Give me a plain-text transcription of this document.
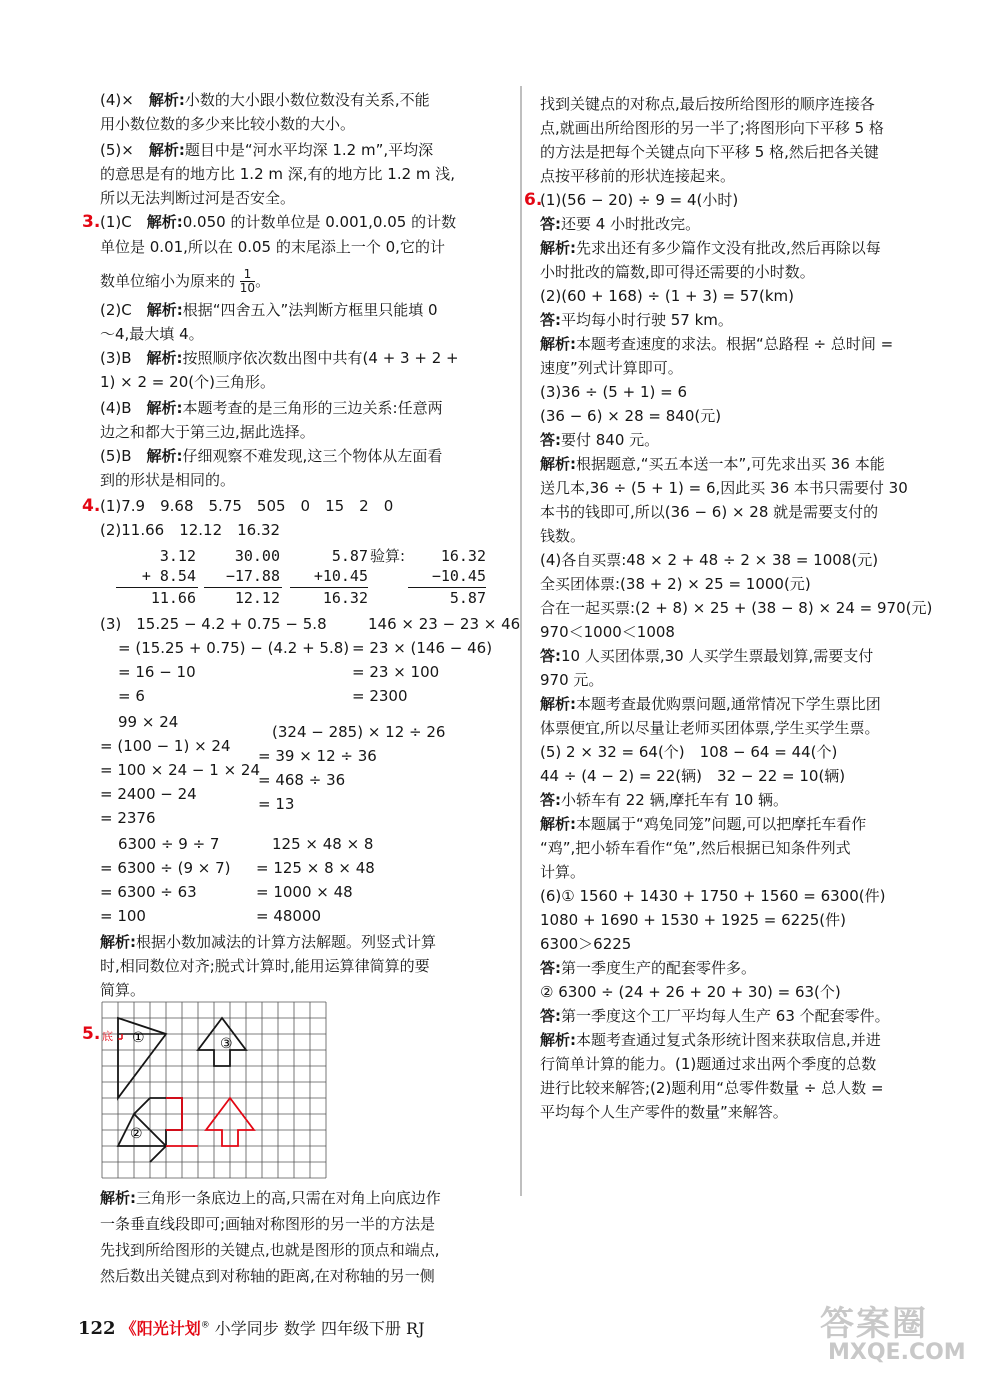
(4)×　解析:小数的大小跟小数位数没有关系,不能
用小数位数的多少来比较小数的大小。
(5)×　解析:题目中是“河水平均深 1.2 m”,平均深
的意思是有的地方比 1.2 m 深,有的地方比 1.2 m 浅,
所以无法判断过河是否安全。
3. (1)C　解析:0.050 的计数单位是 0.001,0.05 的计数
单位是 0.01,所以在 0.05 的末尾添上一个 0,它的计
数单位缩小为原来的 $\frac{1}{10}$ 。
(2)C　解析:根据“四舍五入”法判断方框里只能填 0
～4,最大填 4。
(3)B　解析:按照顺序依次数出图中共有(4 + 3 + 2 +
1) × 2 = 20(个)三角形。
(4)B　解析:本题考查的是三角形的三边关系:任意两
边之和都大于第三边,据此选择。
(5)B　解析:仔细观察不难发现,这三个物体从左面看
到的形状是相同的。
4. (1)7.9　9.68　5.75　505　0　15　2　0
(2)11.66　12.12　16.32
3.12
+ 8.54
11.66
30.00
−17.88
12.12
5.87
+10.45
16.32
验算:	16.32
−10.45
5.87
(3)　15.25 − 4.2 + 0.75 − 5.8
= (15.25 + 0.75) − (4.2 + 5.8)
= 16 − 10
= 6
146 × 23 − 23 × 46
= 23 × (146 − 46)
= 23 × 100
= 2300
99 × 24
= (100 − 1) × 24
= 100 × 24 − 1 × 24
= 2400 − 24
= 2376
(324 − 285) × 12 ÷ 26
= 39 × 12 ÷ 36
= 468 ÷ 36
= 13
6300 ÷ 9 ÷ 7
= 6300 ÷ (9 × 7)
= 6300 ÷ 63
= 100
125 × 48 × 8
= 125 × 8 × 48
= 1000 × 48
= 48000
解析:根据小数加减法的计算方法解题。列竖式计算
时,相同数位对齐;脱式计算时,能用运算律简算的要
简算。
5. 底 ①	③
②
解析:三角形一条底边上的高,只需在对角上向底边作
一条垂直线段即可;画轴对称图形的另一半的方法是
先找到所给图形的关键点,也就是图形的顶点和端点,
然后数出关键点到对称轴的距离,在对称轴的另一侧
找到关键点的对称点,最后按所给图形的顺序连接各
点,就画出所给图形的另一半了;将图形向下平移 5 格
的方法是把每个关键点向下平移 5 格,然后把各关键
点按平移前的形状连接起来。
6.
(1)(56 − 20) ÷ 9 = 4(小时)
答:还要 4 小时批改完。
解析:先求出还有多少篇作文没有批改,然后再除以每
小时批改的篇数,即可得还需要的小时数。
(2)(60 + 168) ÷ (1 + 3) = 57(km)
答:平均每小时行驶 57 km。
解析:本题考查速度的求法。根据“总路程 ÷ 总时间 =
速度”列式计算即可。
(3)36 ÷ (5 + 1) = 6
(36 − 6) × 28 = 840(元)
答:要付 840 元。
解析:根据题意,“买五本送一本”,可先求出买 36 本能
送几本,36 ÷ (5 + 1) = 6,因此买 36 本书只需要付 30
本书的钱即可,所以(36 − 6) × 28 就是需要支付的
钱数。
(4)各自买票:48 × 2 + 48 ÷ 2 × 38 = 1008(元)
全买团体票:(38 + 2) × 25 = 1000(元)
合在一起买票:(2 + 8) × 25 + (38 − 8) × 24 = 970(元)
970＜1000＜1008
答:10 人买团体票,30 人买学生票最划算,需要支付
970 元。
解析:本题考查最优购票问题,通常情况下学生票比团
体票便宜,所以尽量让老师买团体票,学生买学生票。
(5) 2 × 32 = 64(个)　108 − 64 = 44(个)
44 ÷ (4 − 2) = 22(辆)　32 − 22 = 10(辆)
答:小轿车有 22 辆,摩托车有 10 辆。
解析:本题属于“鸡兔同笼”问题,可以把摩托车看作
“鸡”,把小轿车看作“兔”,然后根据已知条件列式
计算。
(6)① 1560 + 1430 + 1750 + 1560 = 6300(件)
1080 + 1690 + 1530 + 1925 = 6225(件)
6300＞6225
答:第一季度生产的配套零件多。
② 6300 ÷ (24 + 26 + 20 + 30) = 63(个)
答:第一季度这个工厂平均每人生产 63 个配套零件。
解析:本题考查通过复式条形统计图来获取信息,并进
行简单计算的能力。(1)题通过求出两个季度的总数
进行比较来解答;(2)题利用“总零件数量 ÷ 总人数 =
平均每个人生产零件的数量”来解答。
122 《阳光计划® 小学同步 数学 四年级下册 RJ	答案圈
MXQE.COM
